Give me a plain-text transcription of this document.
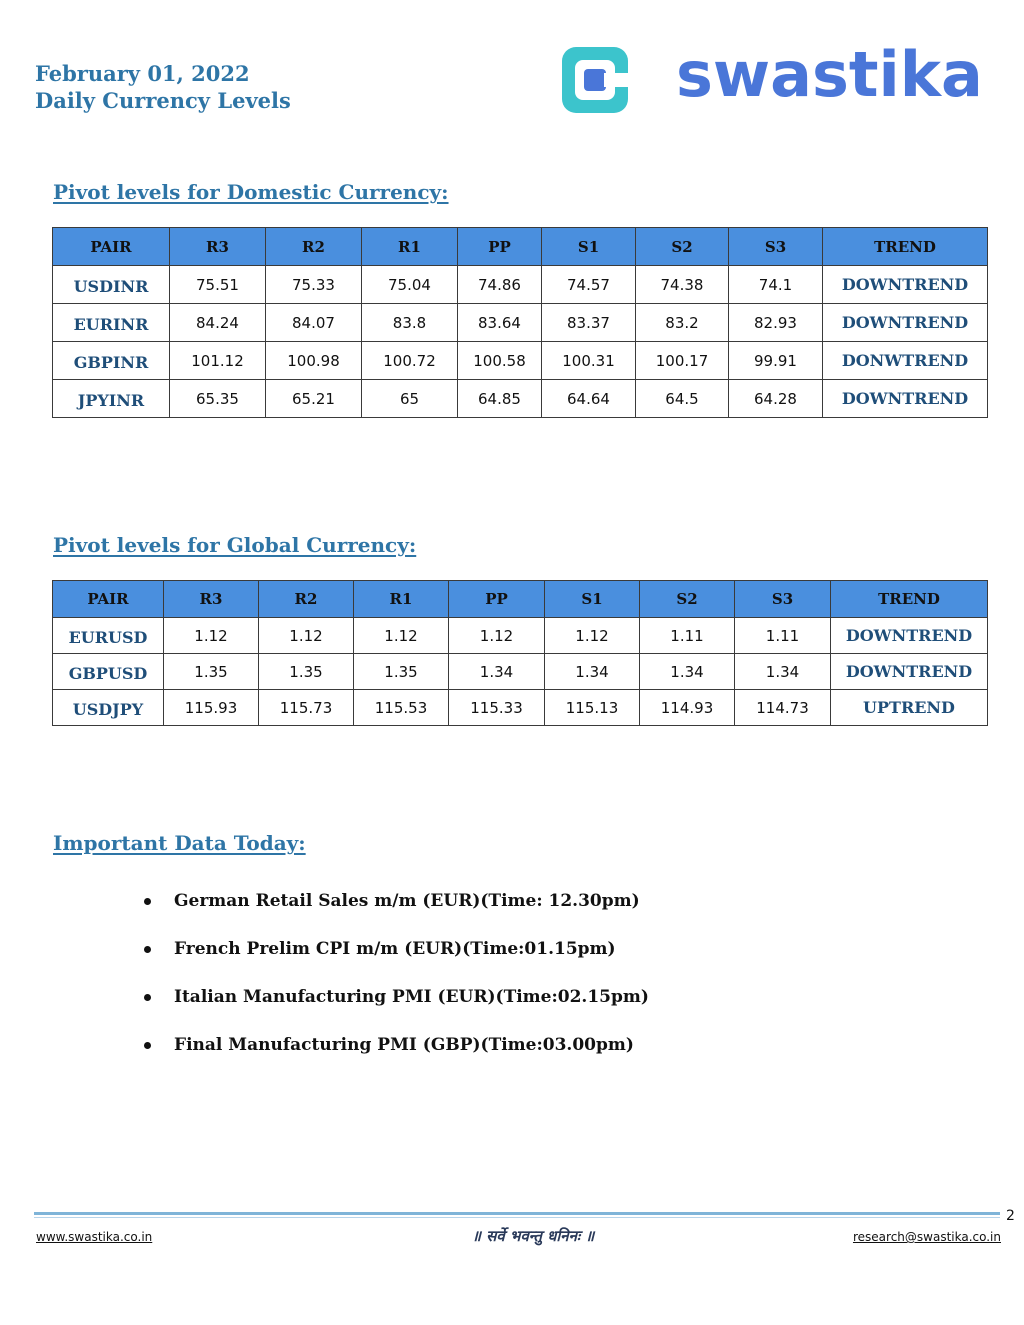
February 01, 2022
Daily Currency Levels	swastika
Pivot levels for Domestic Currency:
PAIR	R3	R2	R1	PP	S1	S2	S3	TREND
USDINR	75.51	75.33	75.04	74.86	74.57	74.38	74.1	DOWNTREND
EURINR	84.24	84.07	83.8	83.64	83.37	83.2	82.93	DOWNTREND
GBPINR	101.12	100.98	100.72	100.58	100.31	100.17	99.91	DONWTREND
JPYINR	65.35	65.21	65	64.85	64.64	64.5	64.28	DOWNTREND
Pivot levels for Global Currency:
PAIR	R3	R2	R1	PP	S1	S2	S3	TREND
EURUSD	1.12	1.12	1.12	1.12	1.12	1.11	1.11	DOWNTREND
GBPUSD	1.35	1.35	1.35	1.34	1.34	1.34	1.34	DOWNTREND
USDJPY	115.93	115.73	115.53	115.33	115.13	114.93	114.73	UPTREND
Important Data Today:
German Retail Sales m/m (EUR)(Time: 12.30pm)
French Prelim CPI m/m (EUR)(Time:01.15pm)
Italian Manufacturing PMI (EUR)(Time:02.15pm)
Final Manufacturing PMI (GBP)(Time:03.00pm)
2
www.swastika.co.in	॥ सर्वे भवन्तु धनिनः ॥	research@swastika.co.in
